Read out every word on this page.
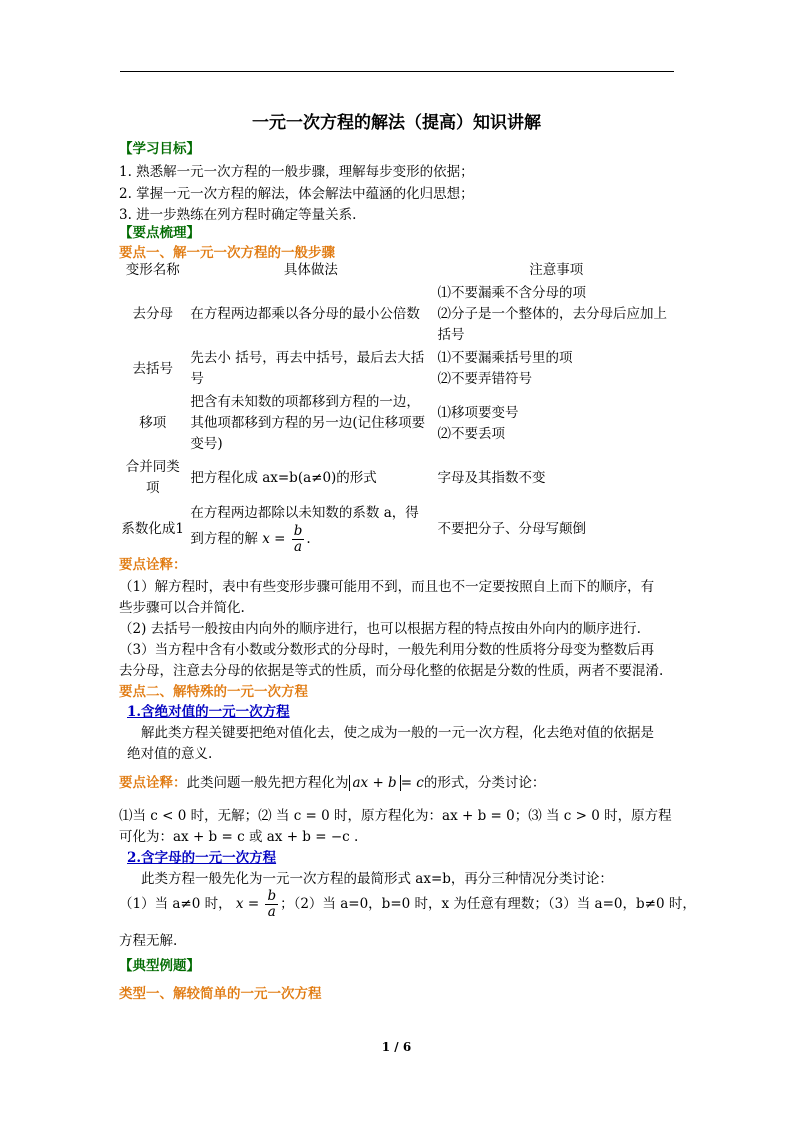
一元一次方程的解法（提高）知识讲解
【学习目标】
1. 熟悉解一元一次方程的一般步骤，理解每步变形的依据；
2. 掌握一元一次方程的解法，体会解法中蕴涵的化归思想；
3. 进一步熟练在列方程时确定等量关系.
【要点梳理】
要点一、解一元一次方程的一般步骤
变形名称	具体做法	注意事项
去分母	在方程两边都乘以各分母的最小公倍数	⑴不要漏乘不含分母的项
⑵分子是一个整体的，去分母后应加上括号

去括号	先去小 括号，再去中括号，最后去大括号	⑴不要漏乘括号里的项
⑵不要弄错符号

移项	把含有未知数的项都移到方程的一边，其他项都移到方程的另一边(记住移项要变号)	⑴移项要变号
⑵不要丢项

合并同类项	把方程化成 ax=b(a≠0)的形式	字母及其指数不变

系数化成1	在方程两边都除以未知数的系数 a，得到方程的解 $x = \frac{b}{a}$ .	不要把分子、分母写颠倒
要点诠释：
（1）解方程时，表中有些变形步骤可能用不到，而且也不一定要按照自上而下的顺序，有
些步骤可以合并简化.
（2) 去括号一般按由内向外的顺序进行，也可以根据方程的特点按由外向内的顺序进行.
（3）当方程中含有小数或分数形式的分母时，一般先利用分数的性质将分母变为整数后再
去分母，注意去分母的依据是等式的性质，而分母化整的依据是分数的性质，两者不要混淆.
要点二、解特殊的一元一次方程
1.含绝对值的一元一次方程
解此类方程关键要把绝对值化去，使之成为一般的一元一次方程，化去绝对值的依据是
绝对值的意义.
要点诠释：此类问题一般先把方程化为 ax + b = c的形式，分类讨论：
⑴当 c < 0 时，无解；⑵ 当 c = 0 时，原方程化为：ax + b = 0；⑶ 当 c > 0 时，原方程
可化为：ax + b = c 或 ax + b = −c .
2.含字母的一元一次方程
此类方程一般先化为一元一次方程的最简形式 ax=b，再分三种情况分类讨论：
（1）当 a≠0 时， $x = \frac{b}{a}$ ；（2）当 a=0，b=0 时，x 为任意有理数；（3）当 a=0，b≠0 时，
方程无解.
【典型例题】
类型一、解较简单的一元一次方程
1 / 6
